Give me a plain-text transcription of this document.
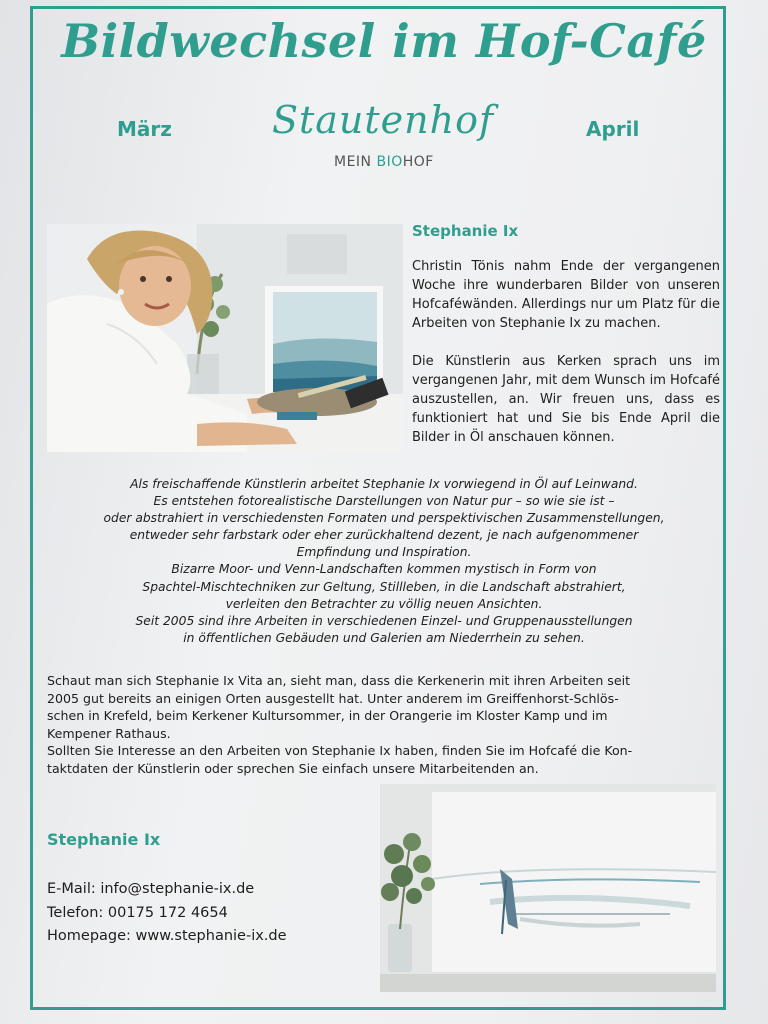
Bildwechsel im Hof-Café
März	April
Stautenhof
MEIN BIOHOF
Stephanie Ix

Christin Tönis nahm Ende der vergangenen Woche ihre wunderbaren Bilder von unseren Hofcaféwänden. Allerdings nur um Platz für die Arbeiten von Stephanie Ix zu machen.

Die Künstlerin aus Kerken sprach uns im vergangenen Jahr, mit dem Wunsch im Hofcafé auszustellen, an. Wir freuen uns, dass es funktioniert hat und Sie bis Ende April die Bilder in Öl anschauen können.

Als freischaffende Künstlerin arbeitet Stephanie Ix vorwiegend in Öl auf Leinwand.
Es entstehen fotorealistische Darstellungen von Natur pur – so wie sie ist –
oder abstrahiert in verschiedensten Formaten und perspektivischen Zusammenstellungen,
entweder sehr farbstark oder eher zurückhaltend dezent, je nach aufgenommener
Empfindung und Inspiration.
Bizarre Moor- und Venn-Landschaften kommen mystisch in Form von
Spachtel-Mischtechniken zur Geltung, Stillleben, in die Landschaft abstrahiert,
verleiten den Betrachter zu völlig neuen Ansichten.
Seit 2005 sind ihre Arbeiten in verschiedenen Einzel- und Gruppenausstellungen
in öffentlichen Gebäuden und Galerien am Niederrhein zu sehen.

Schaut man sich Stephanie Ix Vita an, sieht man, dass die Kerkenerin mit ihren Arbeiten seit

2005 gut bereits an einigen Orten ausgestellt hat. Unter anderem im Greiffenhorst-Schlös-

schen in Krefeld, beim Kerkener Kultursommer, in der Orangerie im Kloster Kamp und im

Kempener Rathaus.

Sollten Sie Interesse an den Arbeiten von Stephanie Ix haben, finden Sie im Hofcafé die Kon-

taktdaten der Künstlerin oder sprechen Sie einfach unsere Mitarbeitenden an.

Stephanie Ix
E-Mail: info@stephanie-ix.de
Telefon: 00175 172 4654
Homepage: www.stephanie-ix.de
